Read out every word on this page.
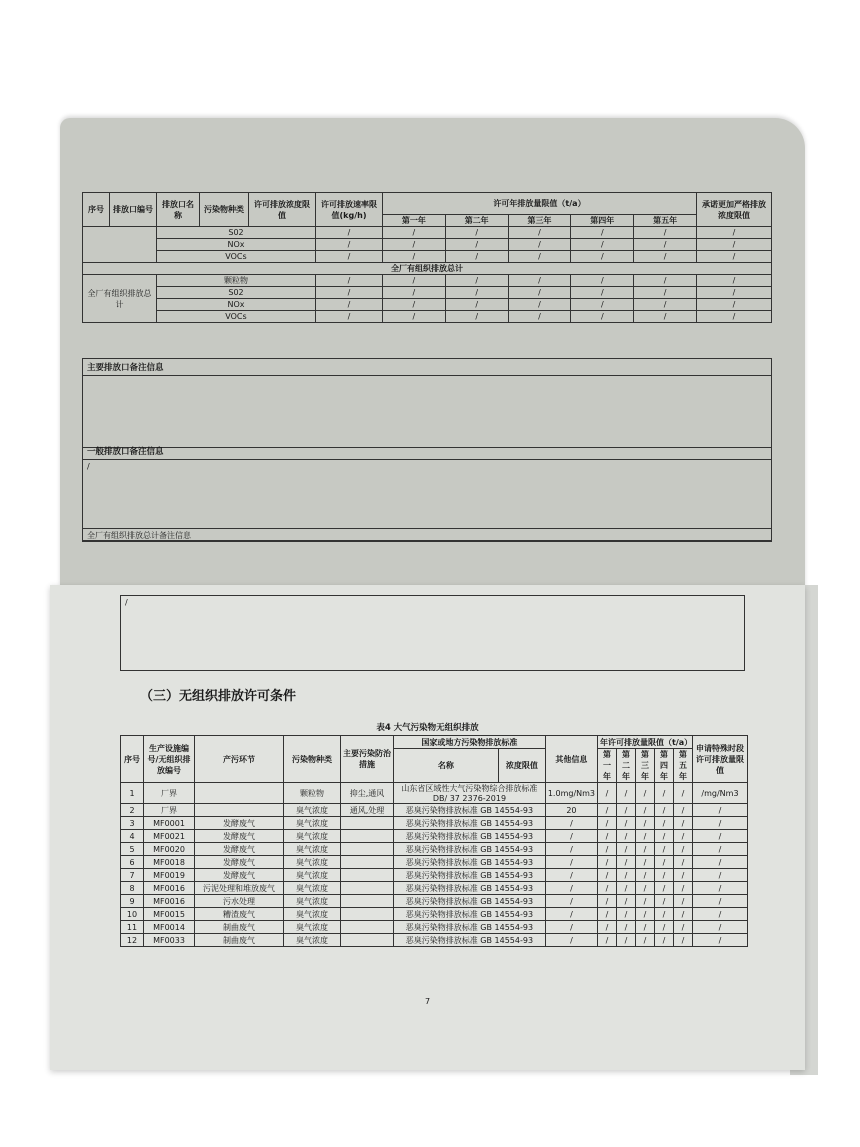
序号	排放口编号	排放口名称	污染物种类	许可排放浓度限值	许可排放速率限值(kg/h)	许可年排放量限值（t/a）					承诺更加严格排放浓度限值
						第一年	第二年	第三年	第四年	第五年	
		S02			/	/	/	/	/	/	/
		NOx			/	/	/	/	/	/	/
		VOCs			/	/	/	/	/	/	/
全厂有组织排放总计											
全厂有组织排放总计		颗粒物			/	/	/	/	/	/	/
		S02			/	/	/	/	/	/	/
		NOx			/	/	/	/	/	/	/
		VOCs			/	/	/	/	/	/	/
主要排放口备注信息
一般排放口备注信息
/
全厂有组织排放总计备注信息
/
（三）无组织排放许可条件
表4 大气污染物无组织排放
序号	生产设施编号/无组织排放编号	产污环节	污染物种类	主要污染防治措施	国家或地方污染物排放标准		其他信息	年许可排放量限值（t/a）					申请特殊时段许可排放量限值
					名称	浓度限值		第一年	第二年	第三年	第四年	第五年	
1	厂界		颗粒物	抑尘,通风	山东省区域性大气污染物综合排放标准 DB/ 37 2376-2019		1.0mg/Nm3	/	/	/	/	/	/mg/Nm3
2	厂界		臭气浓度	通风,处理	恶臭污染物排放标准 GB 14554-93		20	/	/	/	/	/	/
3	MF0001	发酵废气	臭气浓度		恶臭污染物排放标准 GB 14554-93		/	/	/	/	/	/	/
4	MF0021	发酵废气	臭气浓度		恶臭污染物排放标准 GB 14554-93		/	/	/	/	/	/	/
5	MF0020	发酵废气	臭气浓度		恶臭污染物排放标准 GB 14554-93		/	/	/	/	/	/	/
6	MF0018	发酵废气	臭气浓度		恶臭污染物排放标准 GB 14554-93		/	/	/	/	/	/	/
7	MF0019	发酵废气	臭气浓度		恶臭污染物排放标准 GB 14554-93		/	/	/	/	/	/	/
8	MF0016	污泥处理和堆放废气	臭气浓度		恶臭污染物排放标准 GB 14554-93		/	/	/	/	/	/	/
9	MF0016	污水处理	臭气浓度		恶臭污染物排放标准 GB 14554-93		/	/	/	/	/	/	/
10	MF0015	糟渣废气	臭气浓度		恶臭污染物排放标准 GB 14554-93		/	/	/	/	/	/	/
11	MF0014	制曲废气	臭气浓度		恶臭污染物排放标准 GB 14554-93		/	/	/	/	/	/	/
12	MF0033	制曲废气	臭气浓度		恶臭污染物排放标准 GB 14554-93		/	/	/	/	/	/	/
7
